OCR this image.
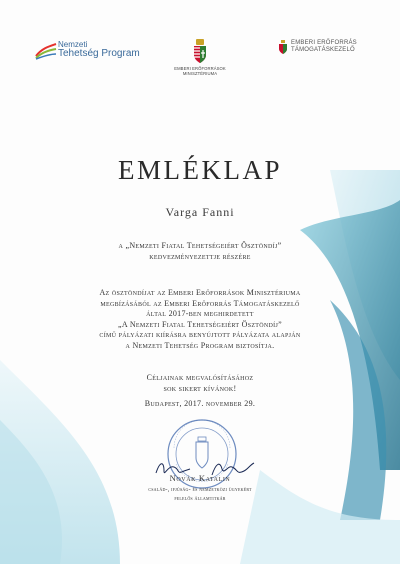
Nemzeti
Tehetség Program
EMBERI ERŐFORRÁSOK
MINISZTÉRIUMA
EMBERI ERŐFORRÁS
TÁMOGATÁSKEZELŐ
EMLÉKLAP
Varga Fanni
a „Nemzeti Fiatal Tehetségeiért Ösztöndíj”
kedvezményezettje részére
Az ösztöndíjat az Emberi Erőforrások Minisztériuma
megbízásából az Emberi Erőforrás Támogatáskezelő
által 2017-ben meghirdetett
„A Nemzeti Fiatal Tehetségeiért Ösztöndíj”
című pályázati kiírásra benyújtott pályázata alapján
a Nemzeti Tehetség Program biztosítja.
Céljainak megvalósításához
sok sikert kívánok!
Budapest, 2017. november 29.
Novák Katalin
család-, ifjúság- és nemzetközi ügyekért
felelős államtitkár
